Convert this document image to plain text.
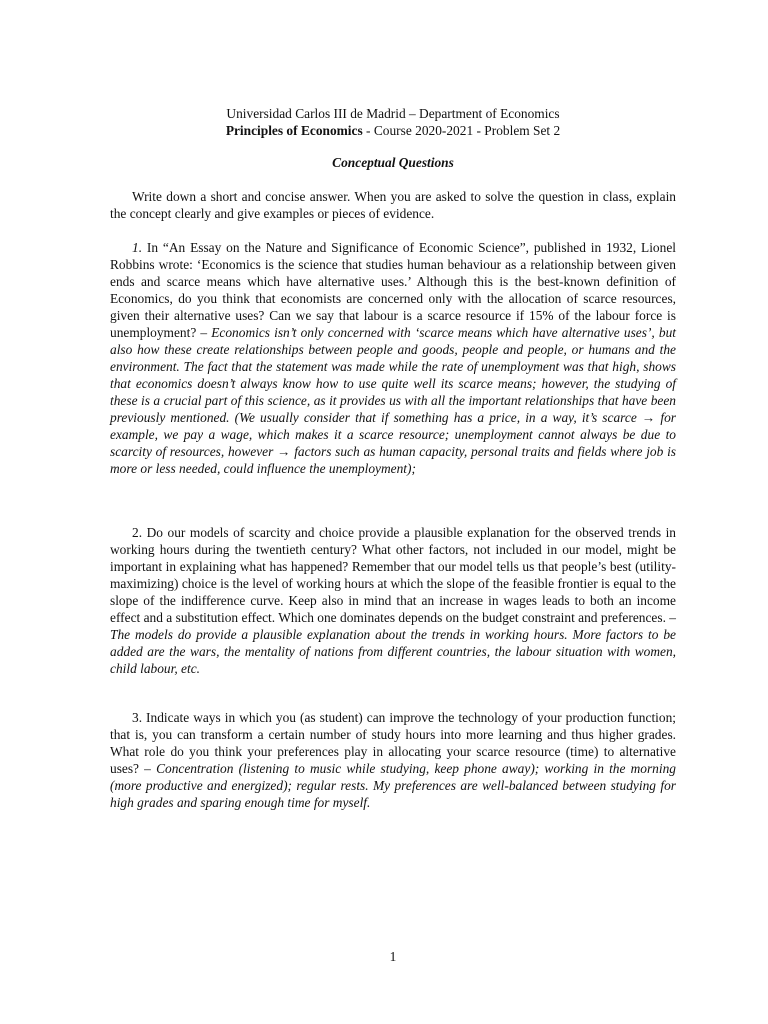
Universidad Carlos III de Madrid – Department of Economics
Principles of Economics - Course 2020-2021 - Problem Set 2
Conceptual Questions

Write down a short and concise answer. When you are asked to solve the question in class, explain the concept clearly and give examples or pieces of evidence.

1. In “An Essay on the Nature and Significance of Economic Science”, published in 1932, Lionel Robbins wrote: ‘Economics is the science that studies human behaviour as a relationship between given ends and scarce means which have alternative uses.’ Although this is the best-known definition of Economics, do you think that economists are concerned only with the allocation of scarce resources, given their alternative uses? Can we say that labour is a scarce resource if 15% of the labour force is unemployment? – Economics isn’t only concerned with ‘scarce means which have alternative uses’, but also how these create relationships between people and goods, people and people, or humans and the environment. The fact that the statement was made while the rate of unemployment was that high, shows that economics doesn’t always know how to use quite well its scarce means; however, the studying of these is a crucial part of this science, as it provides us with all the important relationships that have been previously mentioned. (We usually consider that if something has a price, in a way, it’s scarce → for example, we pay a wage, which makes it a scarce resource; unemployment cannot always be due to scarcity of resources, however → factors such as human capacity, personal traits and fields where job is more or less needed, could influence the unemployment);

2. Do our models of scarcity and choice provide a plausible explanation for the observed trends in working hours during the twentieth century? What other factors, not included in our model, might be important in explaining what has happened? Remember that our model tells us that people’s best (utility-maximizing) choice is the level of working hours at which the slope of the feasible frontier is equal to the slope of the indifference curve. Keep also in mind that an increase in wages leads to both an income effect and a substitution effect. Which one dominates depends on the budget constraint and preferences. – The models do provide a plausible explanation about the trends in working hours. More factors to be added are the wars, the mentality of nations from different countries, the labour situation with women, child labour, etc.

3. Indicate ways in which you (as student) can improve the technology of your production function; that is, you can transform a certain number of study hours into more learning and thus higher grades. What role do you think your preferences play in allocating your scarce resource (time) to alternative uses? – Concentration (listening to music while studying, keep phone away); working in the morning (more productive and energized); regular rests. My preferences are well-balanced between studying for high grades and sparing enough time for myself.

1
